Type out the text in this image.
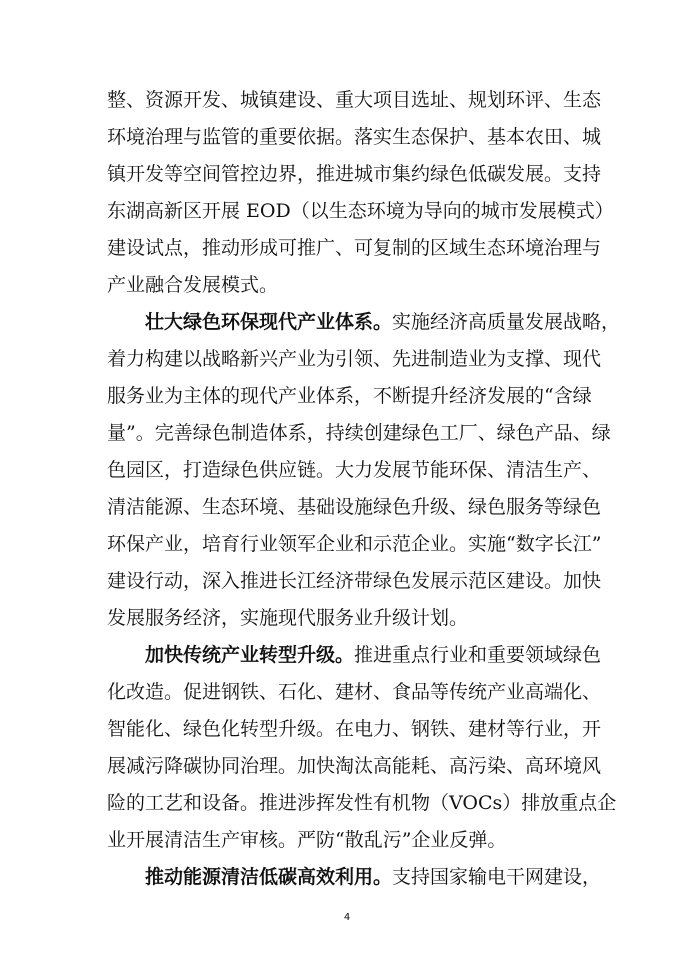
整、资源开发、城镇建设、重大项目选址、规划环评、生态
环境治理与监管的重要依据。落实生态保护、基本农田、城
镇开发等空间管控边界，推进城市集约绿色低碳发展。支持
东湖高新区开展 EOD（以生态环境为导向的城市发展模式）
建设试点，推动形成可推广、可复制的区域生态环境治理与
产业融合发展模式。
壮大绿色环保现代产业体系。实施经济高质量发展战略，
着力构建以战略新兴产业为引领、先进制造业为支撑、现代
服务业为主体的现代产业体系，不断提升经济发展的“含绿
量”。完善绿色制造体系，持续创建绿色工厂、绿色产品、绿
色园区，打造绿色供应链。大力发展节能环保、清洁生产、
清洁能源、生态环境、基础设施绿色升级、绿色服务等绿色
环保产业，培育行业领军企业和示范企业。实施“数字长江”
建设行动，深入推进长江经济带绿色发展示范区建设。加快
发展服务经济，实施现代服务业升级计划。
加快传统产业转型升级。推进重点行业和重要领域绿色
化改造。促进钢铁、石化、建材、食品等传统产业高端化、
智能化、绿色化转型升级。在电力、钢铁、建材等行业，开
展减污降碳协同治理。加快淘汰高能耗、高污染、高环境风
险的工艺和设备。推进涉挥发性有机物（VOCs）排放重点企
业开展清洁生产审核。严防“散乱污”企业反弹。
推动能源清洁低碳高效利用。支持国家输电干网建设，
4
